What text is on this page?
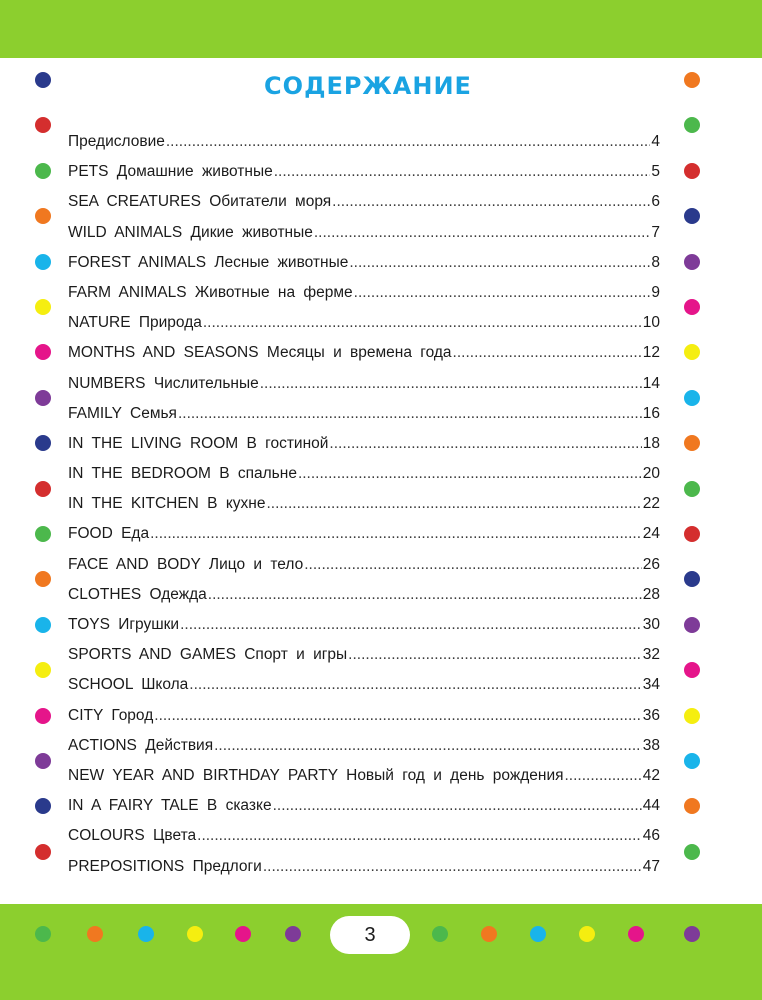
СОДЕРЖАНИЕ
Предисловие .....	4
PETS Домашние животные .....	5
SEA CREATURES Обитатели моря .....	6
WILD ANIMALS Дикие животные .....	7
FOREST ANIMALS Лесные животные .....	8
FARM ANIMALS Животные на ферме .....	9
NATURE Природа .....	10
MONTHS AND SEASONS Месяцы и времена года .....	12
NUMBERS Числительные .....	14
FAMILY Семья .....	16
IN THE LIVING ROOM В гостиной .....	18
IN THE BEDROOM В спальне .....	20
IN THE KITCHEN В кухне .....	22
FOOD Еда .....	24
FACE AND BODY Лицо и тело .....	26
CLOTHES Одежда .....	28
TOYS Игрушки .....	30
SPORTS AND GAMES Спорт и игры .....	32
SCHOOL Школа .....	34
CITY Город .....	36
ACTIONS Действия .....	38
NEW YEAR AND BIRTHDAY PARTY Новый год и день рождения .....	42
IN A FAIRY TALE В сказке .....	44
COLOURS Цвета .....	46
PREPOSITIONS Предлоги .....	47
3
